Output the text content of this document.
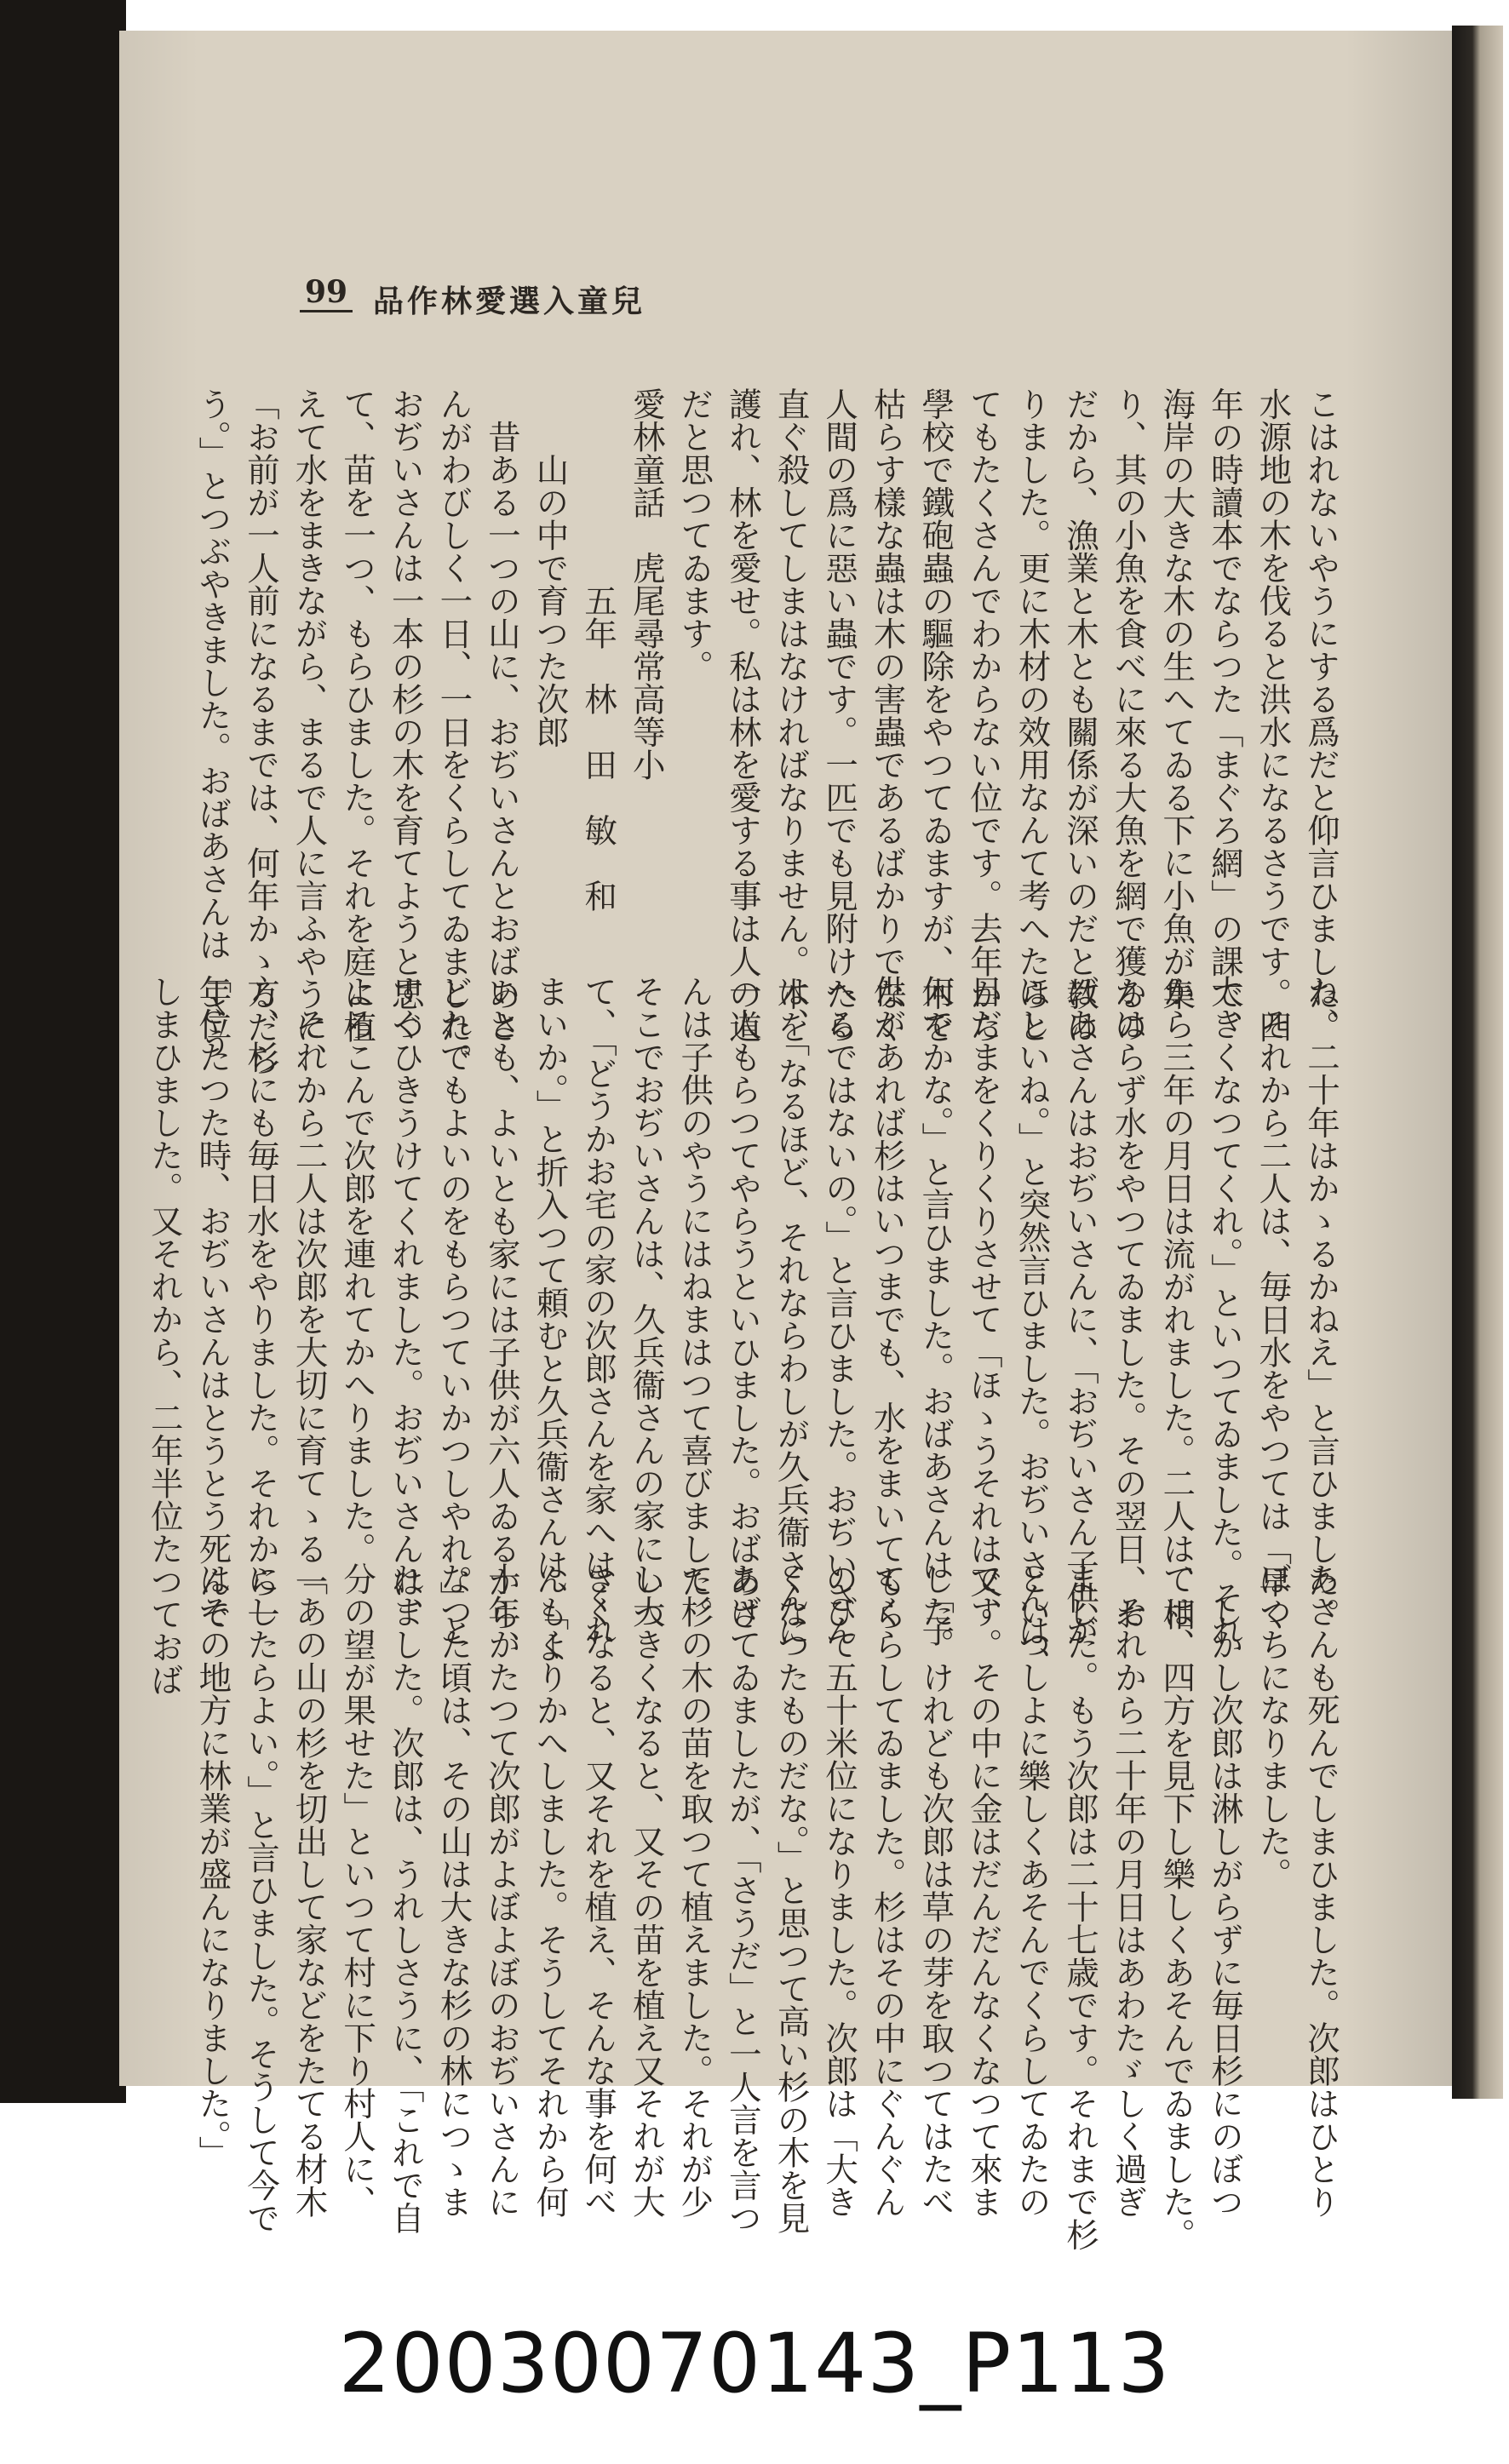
99 兒童入選愛林作品
こはれないやうにする爲だと仰言ひました。
水源地の木を伐ると洪水になるさうです。四
年の時讀本でならつた「まぐろ網」の課で、
海岸の大きな木の生へてゐる下に小魚が集
り、其の小魚を食べに來る大魚を網で獲るの
だから、漁業と木とも關係が深いのだと教は
りました。更に木材の效用なんて考へたらと
てもたくさんでわからない位です。去年から
學校で鐵砲蟲の驅除をやつてゐますが、木を
枯らす樣な蟲は木の害蟲であるばかりでなく
人間の爲に惡い蟲です。一匹でも見附けたら
直ぐ殺してしまはなければなりません。木を
護れ、林を愛せ。私は林を愛する事は人の道
だと思つてゐます。
愛林童話　虎尾尋常高等小
　　　　　　五年　林　田　敏　和
　　山の中で育つた次郎
　昔ある一つの山に、おぢいさんとおばあさ
んがわびしく一日、一日をくらしてゐました。
おぢいさんは一本の杉の木を育てようと思つ
て、苗を一つ、もらひました。それを庭に植
えて水をまきながら、まるで人に言ふやうに、
「お前が一人前になるまでは、何年かゝるだら
う。」とつぶやきました。おばあさんは「さう
ね、二十年はかゝるかねえ」と言ひました。
　それから二人は、毎日水をやつては「早く
大きくなつてくれ。」といつてゐました。それ
から三年の月日は流がれました。二人は、相
かはらず水をやつてゐました。その翌日、お
ばあさんはおぢいさんに、「おぢいさん子供が
ほしいね。」と突然言ひました。おぢいさんは、
目だまをくりくりさせて「ほゝうそれは又、
何でかな。」と言ひました。おばあさんは「子
供があれば杉はいつまでも、水をまいてもら
へるではないの。」と言ひました。おぢいさん
は、「なるほど、それならわしが久兵衞さんに
一人もらつてやらうといひました。おばあさ
んは子供のやうにはねまはつて喜びました。
そこでおぢいさんは、久兵衞さんの家にいつ
て、「どうかお宅の家の次郎さんを家へはくれ
まいか。」と折入つて頼むと久兵衞さんは、「よ
いとも、よいとも家には子供が六人ゐるから、
どれでもよいのをもらつていかつしやれ。」と
すぐひきうけてくれました。おぢいさんは、
よろこんで次郎を連れてかへりました。
　それから二人は次郎を大切に育てゝる一
方、杉にも毎日水をやりました。それから一
年位たつた時、おぢいさんはとうとう死んで
しまひました。又それから、二年半位たつておば
あさんも死んでしまひました。次郎はひとり
ぼつちになりました。
　しかし次郎は淋しがらずに毎日杉にのぼつ
ては、四方を見下し樂しくあそんでゐました。
　それから二十年の月日はあわたゞしく過ぎ
ました。もう次郎は二十七歳です。それまで杉
といつしよに樂しくあそんでくらしてゐたの
です。その中に金はだんだんなくなつて來ま
した。けれども次郎は草の芽を取つてはたべ
てくらしてゐました。杉はその中にぐんぐん
のびて五十米位になりました。次郎は「大き
くなつたものだな。」と思つて高い杉の木を見
あげてゐましたが、「さうだ」と一人言を言つ
て杉の木の苗を取つて植えました。それが少
し大きくなると、又その苗を植え又それが大
きくなると、又それを植え、そんな事を何べ
んもくりかへしました。そうしてそれから何
十年かたつて次郎がよぼよぼのおぢいさんに
なつた頃は、その山は大きな杉の林につゝま
れました。次郎は、うれしさうに、「これで自
分の望が果せた」といつて村に下り村人に、
「あの山の杉を切出して家などをたてる材木
にしたらよい。」と言ひました。そうして今で
はその地方に林業が盛んになりました。」
20030070143_P113
